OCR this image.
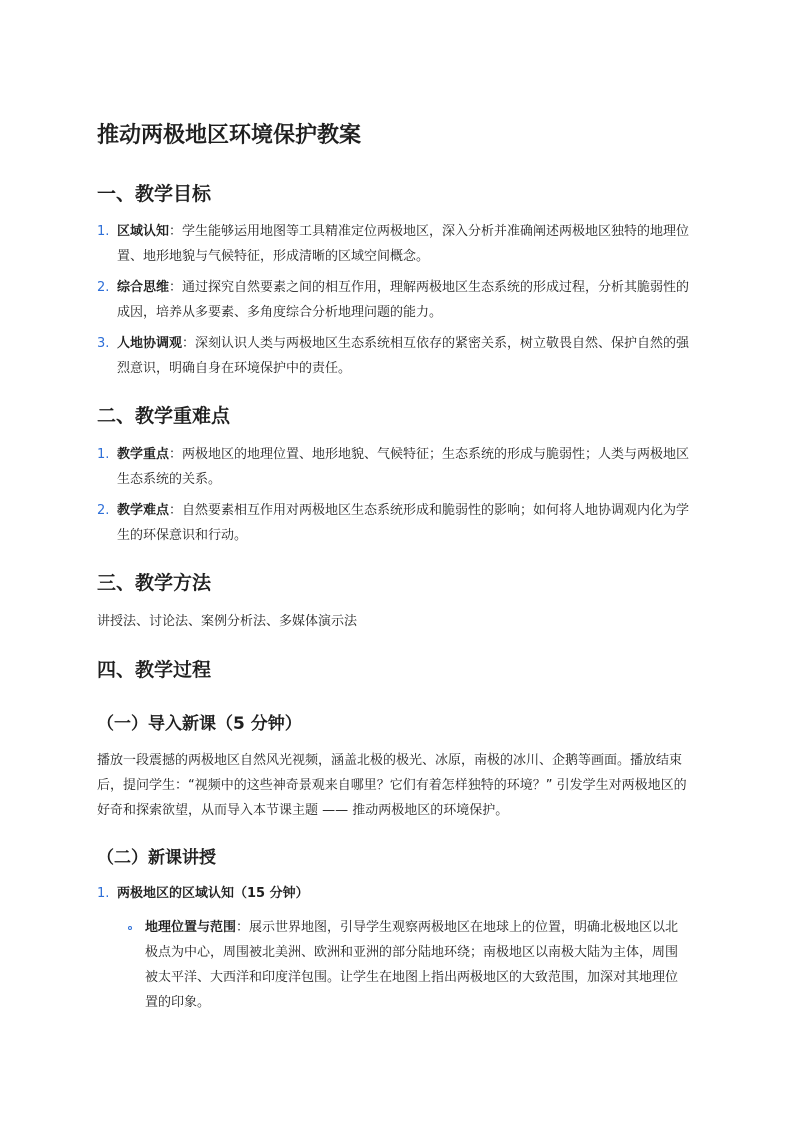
推动两极地区环境保护教案
一、教学目标
1. 区域认知：学生能够运用地图等工具精准定位两极地区，深入分析并准确阐述两极地区独特的地理位置、地形地貌与气候特征，形成清晰的区域空间概念。
2. 综合思维：通过探究自然要素之间的相互作用，理解两极地区生态系统的形成过程，分析其脆弱性的成因，培养从多要素、多角度综合分析地理问题的能力。
3. 人地协调观：深刻认识人类与两极地区生态系统相互依存的紧密关系，树立敬畏自然、保护自然的强烈意识，明确自身在环境保护中的责任。
二、教学重难点
1. 教学重点：两极地区的地理位置、地形地貌、气候特征；生态系统的形成与脆弱性；人类与两极地区生态系统的关系。
2. 教学难点：自然要素相互作用对两极地区生态系统形成和脆弱性的影响；如何将人地协调观内化为学生的环保意识和行动。
三、教学方法

讲授法、讨论法、案例分析法、多媒体演示法

四、教学过程
（一）导入新课（5 分钟）

播放一段震撼的两极地区自然风光视频，涵盖北极的极光、冰原，南极的冰川、企鹅等画面。播放结束后，提问学生：“视频中的这些神奇景观来自哪里？它们有着怎样独特的环境？” 引发学生对两极地区的好奇和探索欲望，从而导入本节课主题 —— 推动两极地区的环境保护。

（二）新课讲授
1. 两极地区的区域认知（15 分钟）
地理位置与范围：展示世界地图，引导学生观察两极地区在地球上的位置，明确北极地区以北极点为中心，周围被北美洲、欧洲和亚洲的部分陆地环绕；南极地区以南极大陆为主体，周围被太平洋、大西洋和印度洋包围。让学生在地图上指出两极地区的大致范围，加深对其地理位置的印象。
